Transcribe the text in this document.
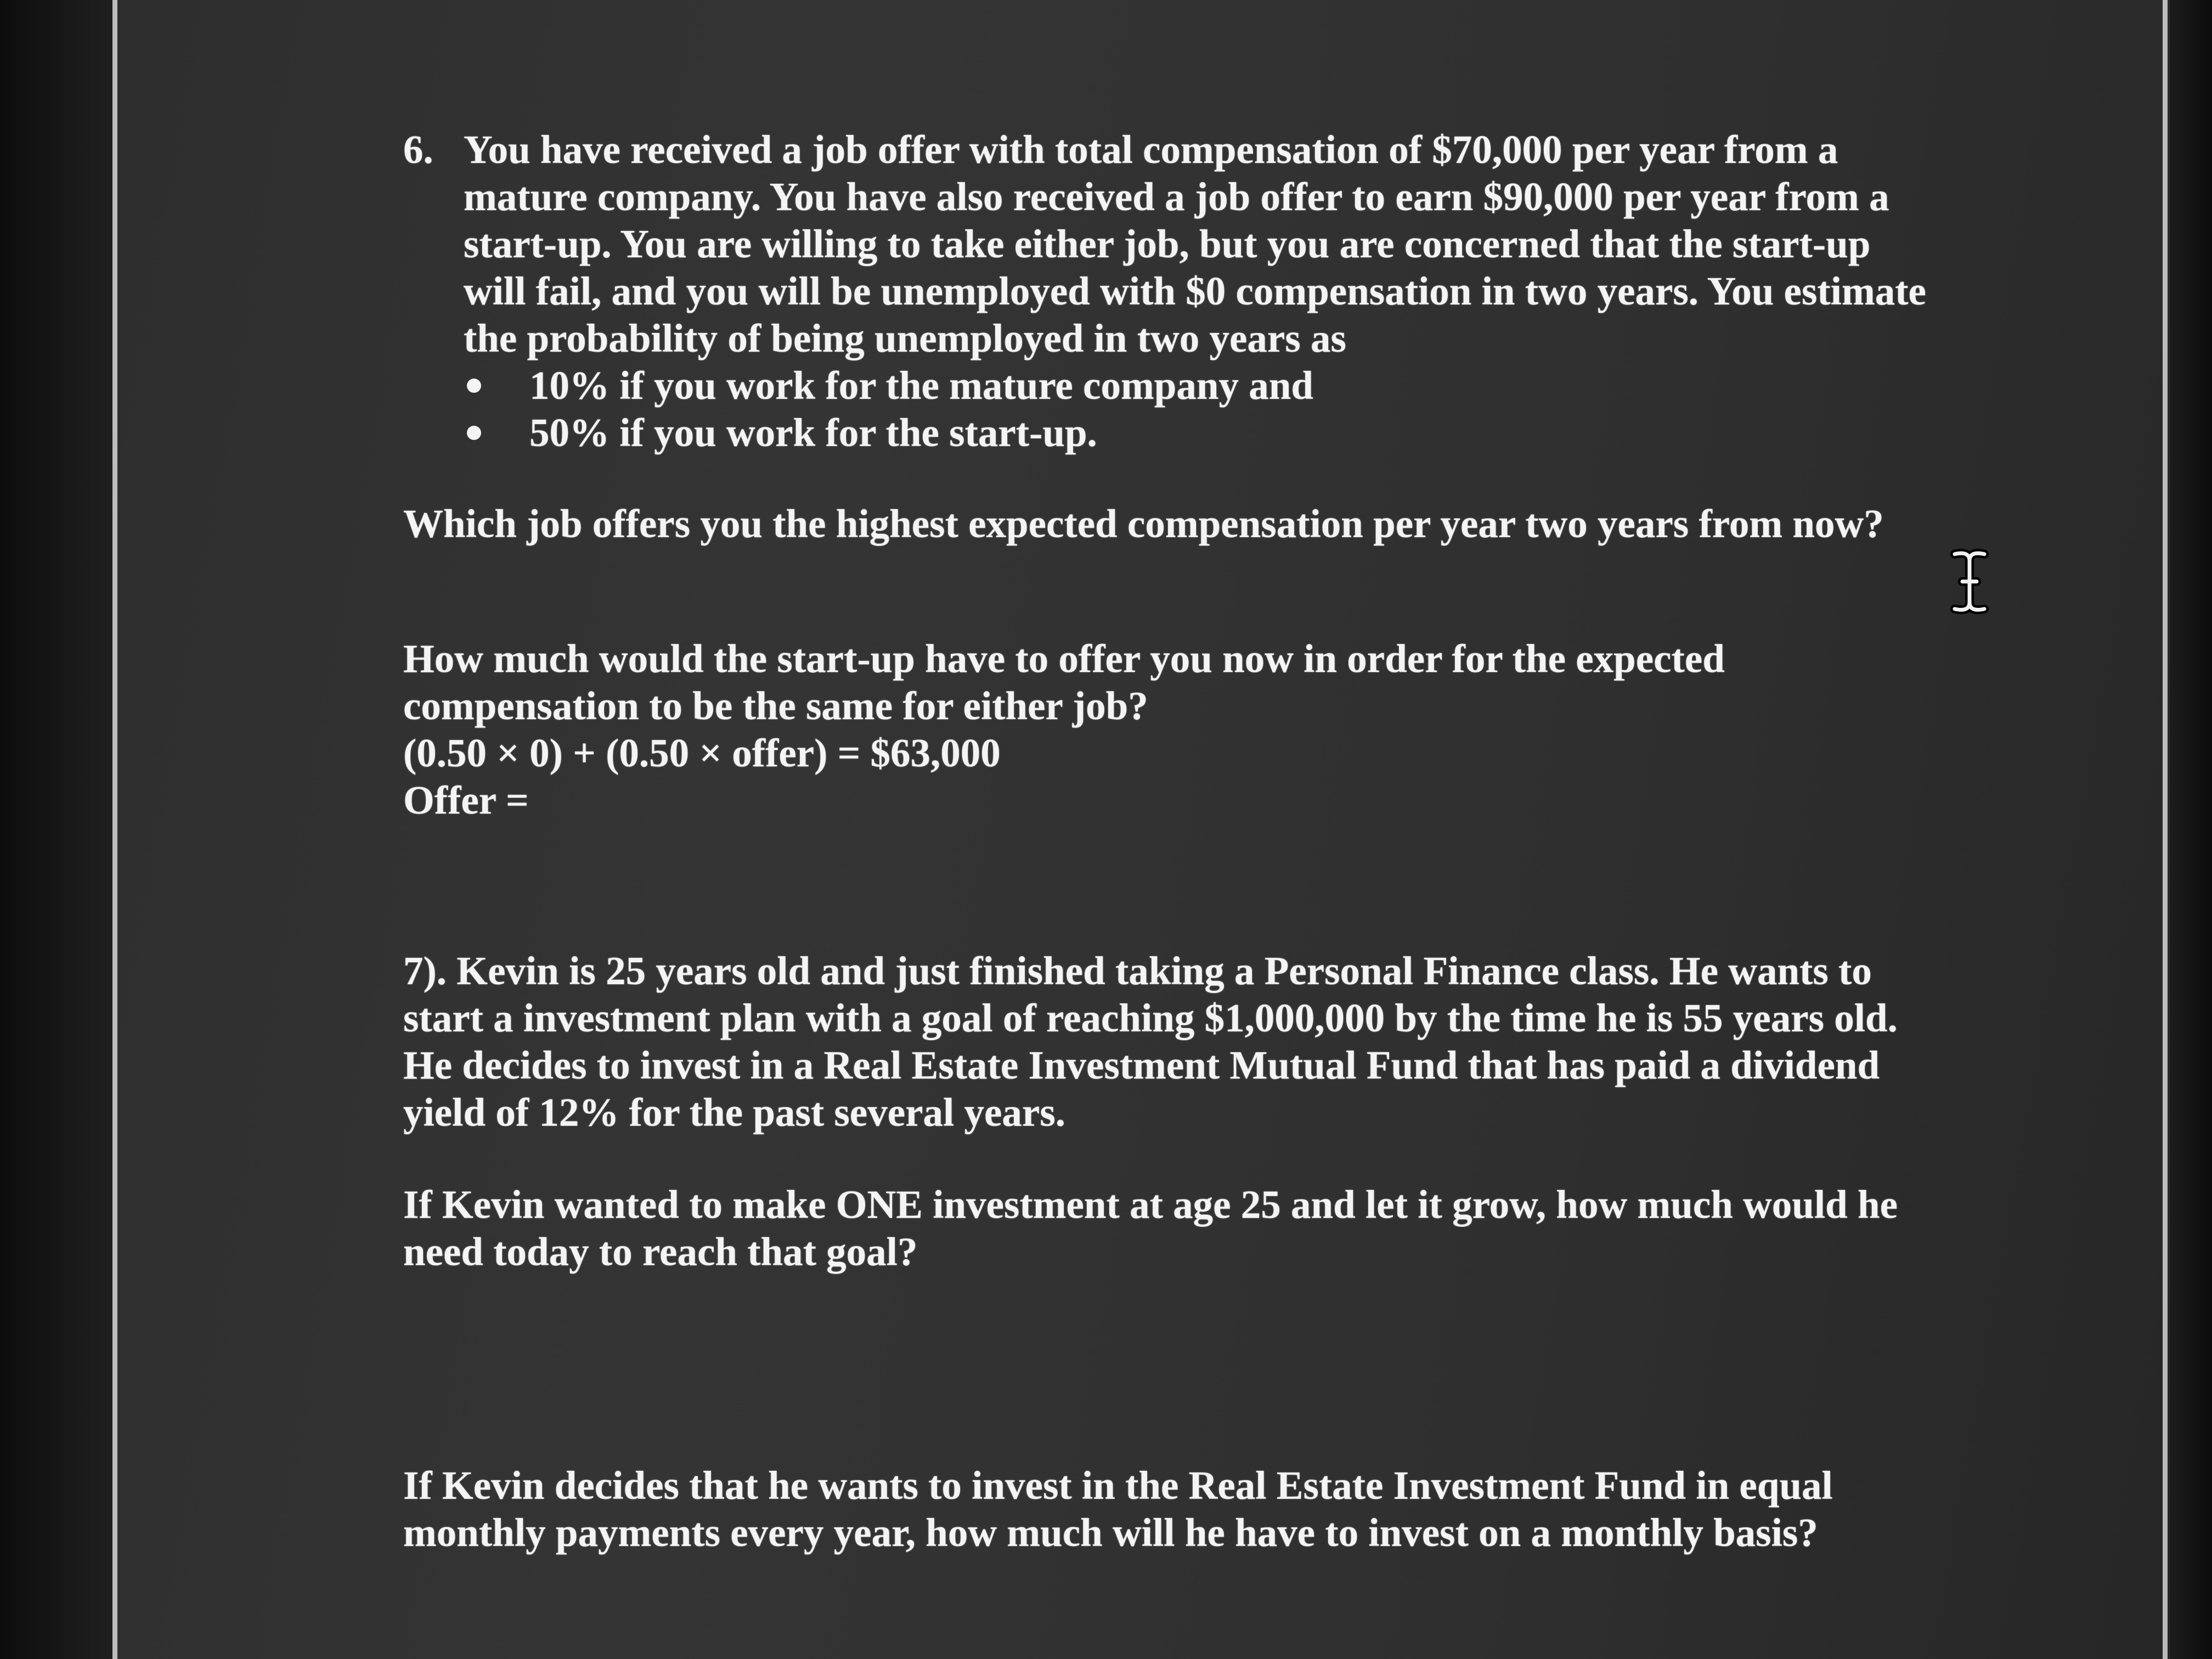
6. You have received a job offer with total compensation of $70,000 per year from a mature company. You have also received a job offer to earn $90,000 per year from a start-up. You are willing to take either job, but you are concerned that the start-up will fail, and you will be unemployed with $0 compensation in two years. You estimate the probability of being unemployed in two years as
10% if you work for the mature company and
50% if you work for the start-up.
Which job offers you the highest expected compensation per year two years from now?
How much would the start-up have to offer you now in order for the expected compensation to be the same for either job?
(0.50 × 0) + (0.50 × offer) = $63,000
Offer =
7). Kevin is 25 years old and just finished taking a Personal Finance class. He wants to start a investment plan with a goal of reaching $1,000,000 by the time he is 55 years old. He decides to invest in a Real Estate Investment Mutual Fund that has paid a dividend yield of 12% for the past several years.
If Kevin wanted to make ONE investment at age 25 and let it grow, how much would he need today to reach that goal?
If Kevin decides that he wants to invest in the Real Estate Investment Fund in equal monthly payments every year, how much will he have to invest on a monthly basis?
